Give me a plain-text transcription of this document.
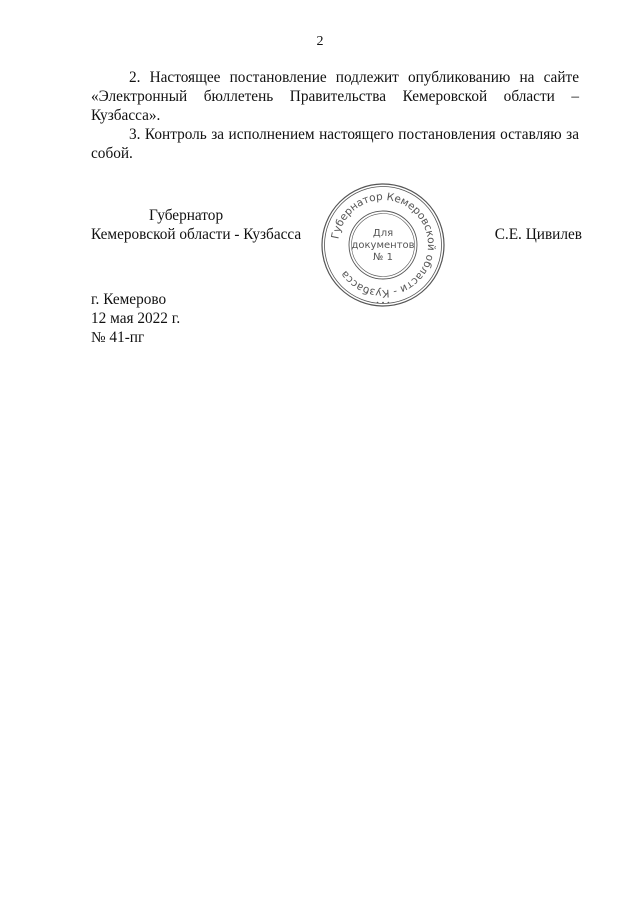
2

2. Настоящее постановление подлежит опубликованию на сайте «Электронный бюллетень Правительства Кемеровской области – Кузбасса».

3. Контроль за исполнением настоящего постановления оставляю за собой.

Губернатор
Кемеровской области - Кузбасса	Губернатор Кемеровской области - Кузбасса
Для
документов
№ 1
• • •
С.Е. Цивилев
г. Кемерово
12 мая 2022 г.
№ 41-пг
